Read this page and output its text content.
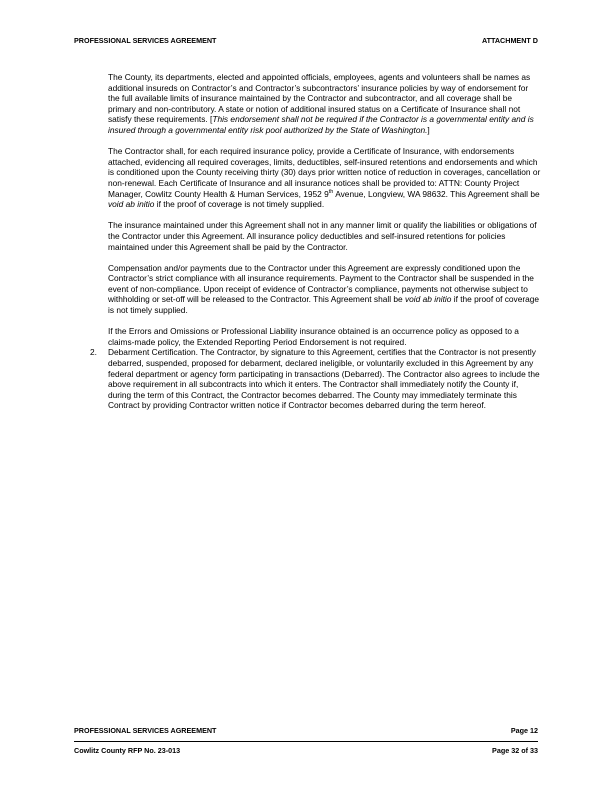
PROFESSIONAL SERVICES AGREEMENT	ATTACHMENT D

The County, its departments, elected and appointed officials, employees, agents and volunteers shall be names as additional insureds on Contractor’s and Contractor’s subcontractors’ insurance policies by way of endorsement for the full available limits of insurance maintained by the Contractor and subcontractor, and all coverage shall be primary and non-contributory. A state or notion of additional insured status on a Certificate of Insurance shall not satisfy these requirements. [This endorsement shall not be required if the Contractor is a governmental entity and is insured through a governmental entity risk pool authorized by the State of Washington.]

The Contractor shall, for each required insurance policy, provide a Certificate of Insurance, with endorsements attached, evidencing all required coverages, limits, deductibles, self-insured retentions and endorsements and which is conditioned upon the County receiving thirty (30) days prior written notice of reduction in coverages, cancellation or non-renewal. Each Certificate of Insurance and all insurance notices shall be provided to: ATTN: County Project Manager, Cowlitz County Health & Human Services, 1952 9th Avenue, Longview, WA 98632. This Agreement shall be void ab initio if the proof of coverage is not timely supplied.

The insurance maintained under this Agreement shall not in any manner limit or qualify the liabilities or obligations of the Contractor under this Agreement. All insurance policy deductibles and self-insured retentions for policies maintained under this Agreement shall be paid by the Contractor.

Compensation and/or payments due to the Contractor under this Agreement are expressly conditioned upon the Contractor’s strict compliance with all insurance requirements. Payment to the Contractor shall be suspended in the event of non-compliance. Upon receipt of evidence of Contractor’s compliance, payments not otherwise subject to withholding or set-off will be released to the Contractor. This Agreement shall be void ab initio if the proof of coverage is not timely supplied.

If the Errors and Omissions or Professional Liability insurance obtained is an occurrence policy as opposed to a claims-made policy, the Extended Reporting Period Endorsement is not required.

2. Debarment Certification. The Contractor, by signature to this Agreement, certifies that the Contractor is not presently debarred, suspended, proposed for debarment, declared ineligible, or voluntarily excluded in this Agreement by any federal department or agency form participating in transactions (Debarred). The Contractor also agrees to include the above requirement in all subcontracts into which it enters. The Contractor shall immediately notify the County if, during the term of this Contract, the Contractor becomes debarred. The County may immediately terminate this Contract by providing Contractor written notice if Contractor becomes debarred during the term hereof.

PROFESSIONAL SERVICES AGREEMENT	Page 12
Cowlitz County RFP No. 23-013	Page 32 of 33
